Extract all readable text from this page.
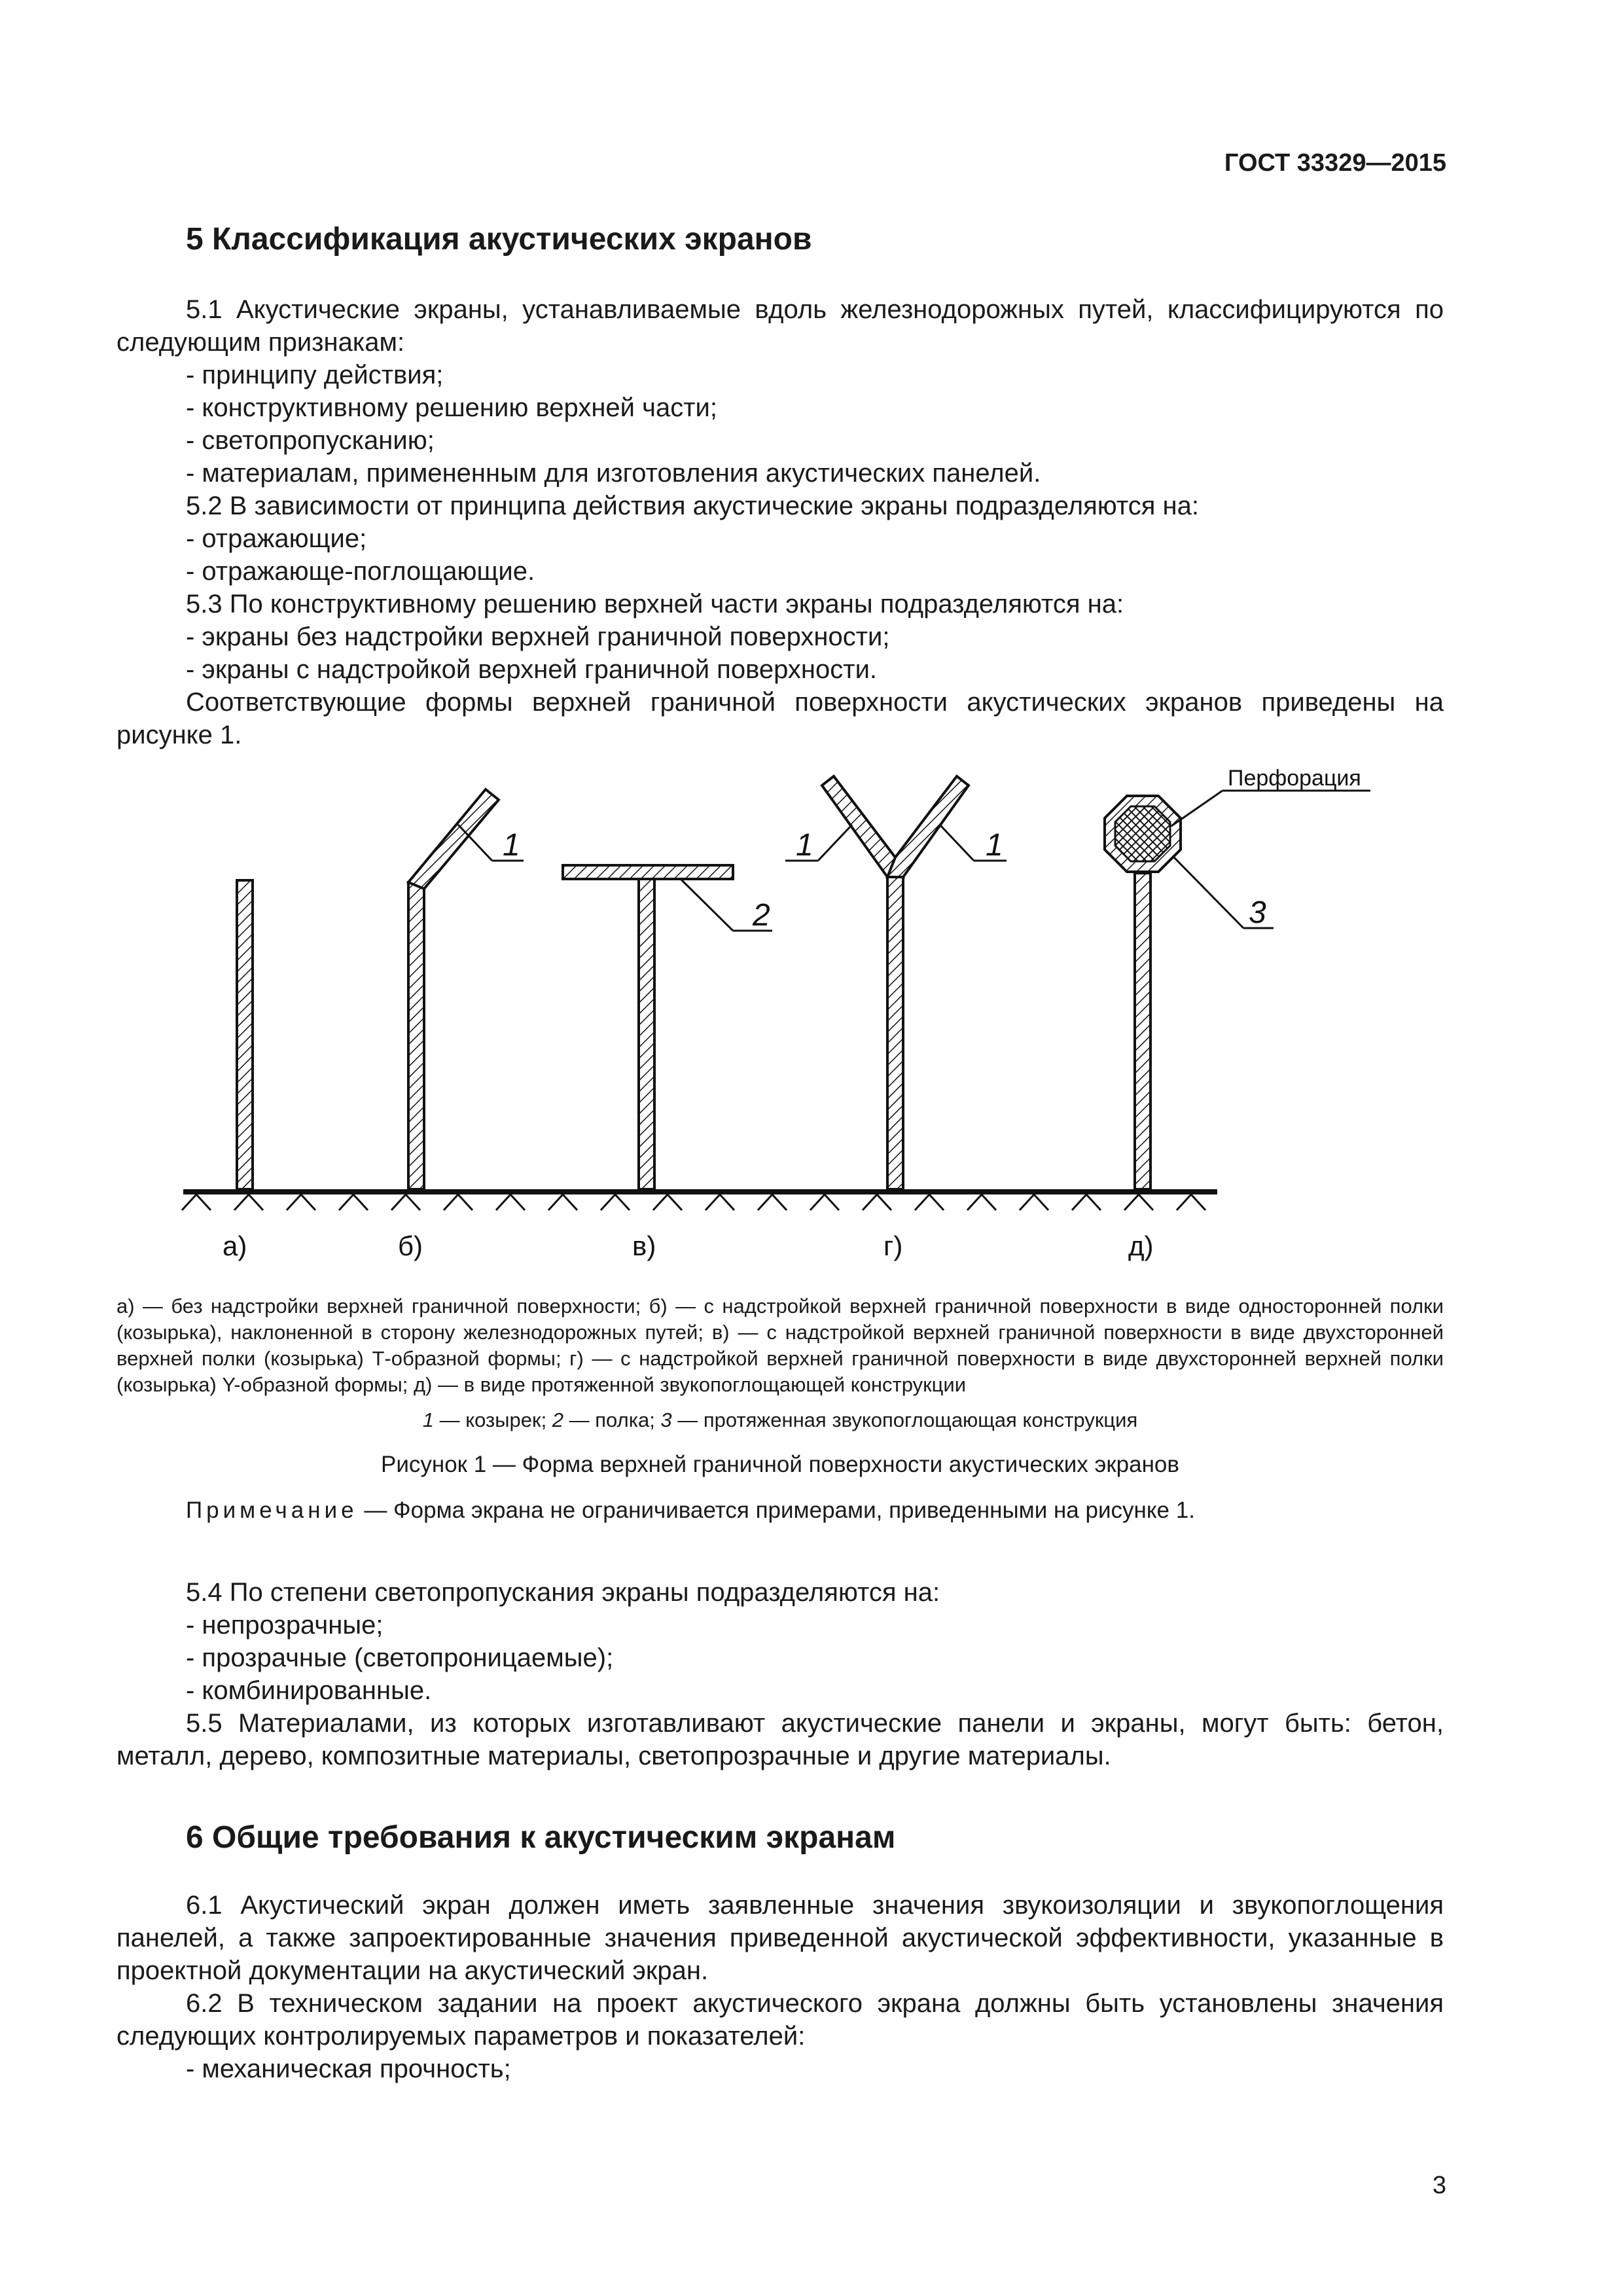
ГОСТ 33329—2015
5 Классификация акустических экранов

5.1 Акустические экраны, устанавливаемые вдоль железнодорожных путей, классифицируются по следующим признакам:

- принципу действия;

- конструктивному решению верхней части;

- светопропусканию;

- материалам, примененным для изготовления акустических панелей.

5.2 В зависимости от принципа действия акустические экраны подразделяются на:

- отражающие;

- отражающе-поглощающие.

5.3 По конструктивному решению верхней части экраны подразделяются на:

- экраны без надстройки верхней граничной поверхности;

- экраны с надстройкой верхней граничной поверхности.

Соответствующие формы верхней граничной поверхности акустических экранов приведены на рисунке 1.

1
2
1	1
Перфорация
3
а)	б)	в)	г)	д)

а) — без надстройки верхней граничной поверхности; б) — с надстройкой верхней граничной поверхности в виде односторонней полки (козырька), наклоненной в сторону железнодорожных путей; в) — с надстройкой верхней граничной поверхности в виде двухсторонней верхней полки (козырька) Т-образной формы; г) — с надстройкой верхней граничной поверхности в виде двухсторонней верхней полки (козырька) Y-образной формы; д) — в виде протяженной звукопоглощающей конструкции

1 — козырек; 2 — полка; 3 — протяженная звукопоглощающая конструкция

Рисунок 1 — Форма верхней граничной поверхности акустических экранов

Примечание — Форма экрана не ограничивается примерами, приведенными на рисунке 1.

5.4 По степени светопропускания экраны подразделяются на:

- непрозрачные;

- прозрачные (светопроницаемые);

- комбинированные.

5.5 Материалами, из которых изготавливают акустические панели и экраны, могут быть: бетон, металл, дерево, композитные материалы, светопрозрачные и другие материалы.

6 Общие требования к акустическим экранам

6.1 Акустический экран должен иметь заявленные значения звукоизоляции и звукопоглощения панелей, а также запроектированные значения приведенной акустической эффективности, указанные в проектной документации на акустический экран.

6.2 В техническом задании на проект акустического экрана должны быть установлены значения следующих контролируемых параметров и показателей:

- механическая прочность;

3
